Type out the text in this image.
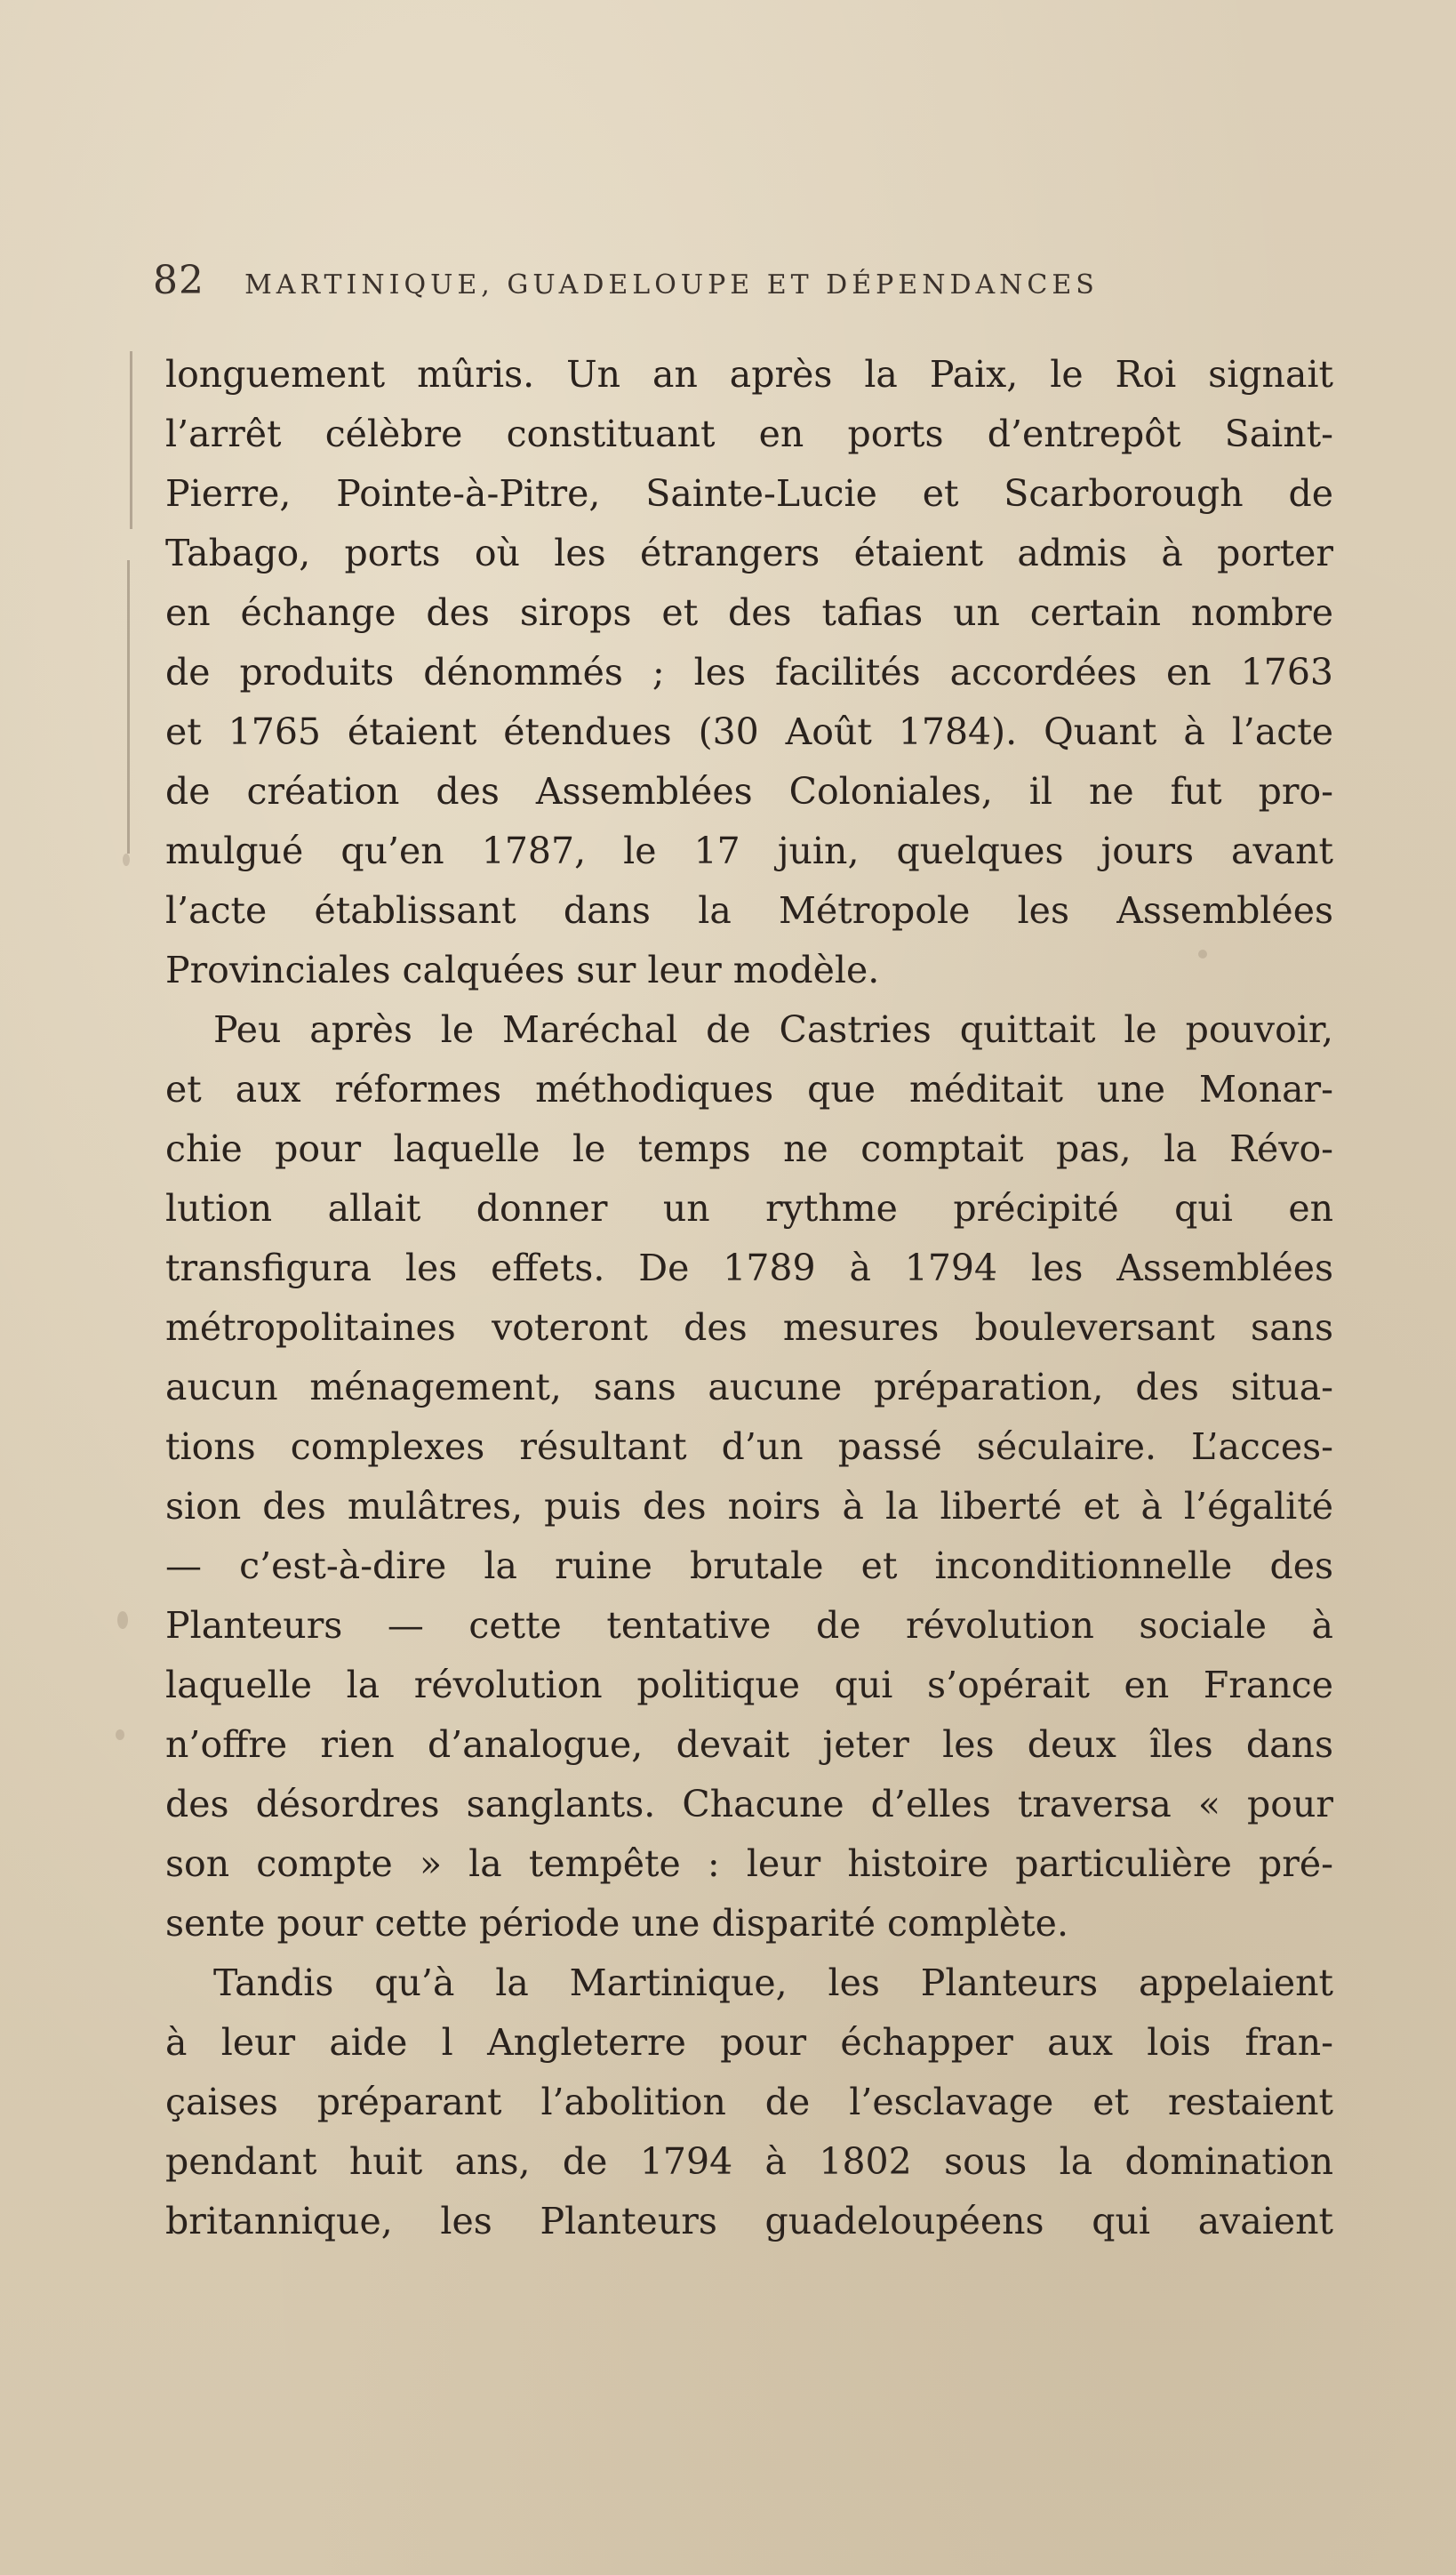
82 MARTINIQUE, GUADELOUPE ET DÉPENDANCES
longuement mûris. Un an après la Paix, le Roi signait
l’arrêt célèbre constituant en ports d’entrepôt Saint-
Pierre, Pointe-à-Pitre, Sainte-Lucie et Scarborough de
Tabago, ports où les étrangers étaient admis à porter
en échange des sirops et des tafias un certain nombre
de produits dénommés ; les facilités accordées en 1763
et 1765 étaient étendues (30 Août 1784). Quant à l’acte
de création des Assemblées Coloniales, il ne fut pro-
mulgué qu’en 1787, le 17 juin, quelques jours avant
l’acte établissant dans la Métropole les Assemblées
Provinciales calquées sur leur modèle.
Peu après le Maréchal de Castries quittait le pouvoir,
et aux réformes méthodiques que méditait une Monar-
chie pour laquelle le temps ne comptait pas, la Révo-
lution allait donner un rythme précipité qui en
transfigura les effets. De 1789 à 1794 les Assemblées
métropolitaines voteront des mesures bouleversant sans
aucun ménagement, sans aucune préparation, des situa-
tions complexes résultant d’un passé séculaire. L’acces-
sion des mulâtres, puis des noirs à la liberté et à l’égalité
— c’est-à-dire la ruine brutale et inconditionnelle des
Planteurs — cette tentative de révolution sociale à
laquelle la révolution politique qui s’opérait en France
n’offre rien d’analogue, devait jeter les deux îles dans
des désordres sanglants. Chacune d’elles traversa « pour
son compte » la tempête : leur histoire particulière pré-
sente pour cette période une disparité complète.
Tandis qu’à la Martinique, les Planteurs appelaient
à leur aide l Angleterre pour échapper aux lois fran-
çaises préparant l’abolition de l’esclavage et restaient
pendant huit ans, de 1794 à 1802 sous la domination
britannique, les Planteurs guadeloupéens qui avaient
